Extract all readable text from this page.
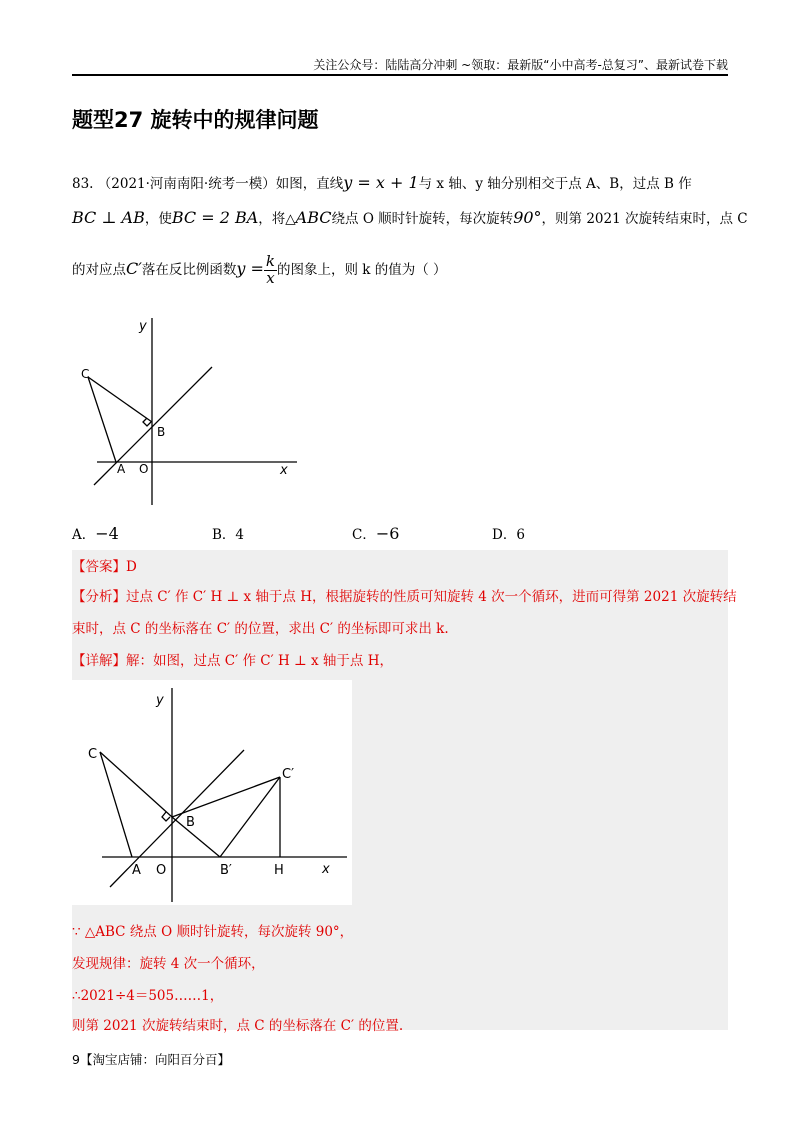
关注公众号：陆陆高分冲刺 ~领取：最新版“小中高考-总复习”、最新试卷下载
题型27 旋转中的规律问题
83. （2021·河南南阳·统考一模）如图，直线y = x + 1与 x 轴、y 轴分别相交于点 A、B，过点 B 作
BC ⊥ AB，使BC = 2 BA，将△ABC绕点 O 顺时针旋转，每次旋转90°，则第 2021 次旋转结束时，点 C
的对应点C′落在反比例函数$y = \frac{k}{x}$ 的图象上，则 k 的值为（ ）
y
x
C
B
A O
A．−4	B．4	C．−6	D．6
【答案】D
【分析】过点 C′ 作 C′ H ⊥ x 轴于点 H，根据旋转的性质可知旋转 4 次一个循环，进而可得第 2021 次旋转结
束时，点 C 的坐标落在 C′ 的位置，求出 C′ 的坐标即可求出 k.
【详解】解：如图，过点 C′ 作 C′ H ⊥ x 轴于点 H，
y
x
C
B
A O	B′	H
C′
∵ △ABC 绕点 O 顺时针旋转，每次旋转 90°，
发现规律：旋转 4 次一个循环，
∴2021÷4＝505……1，
则第 2021 次旋转结束时，点 C 的坐标落在 C′ 的位置.
9【淘宝店铺：向阳百分百】
